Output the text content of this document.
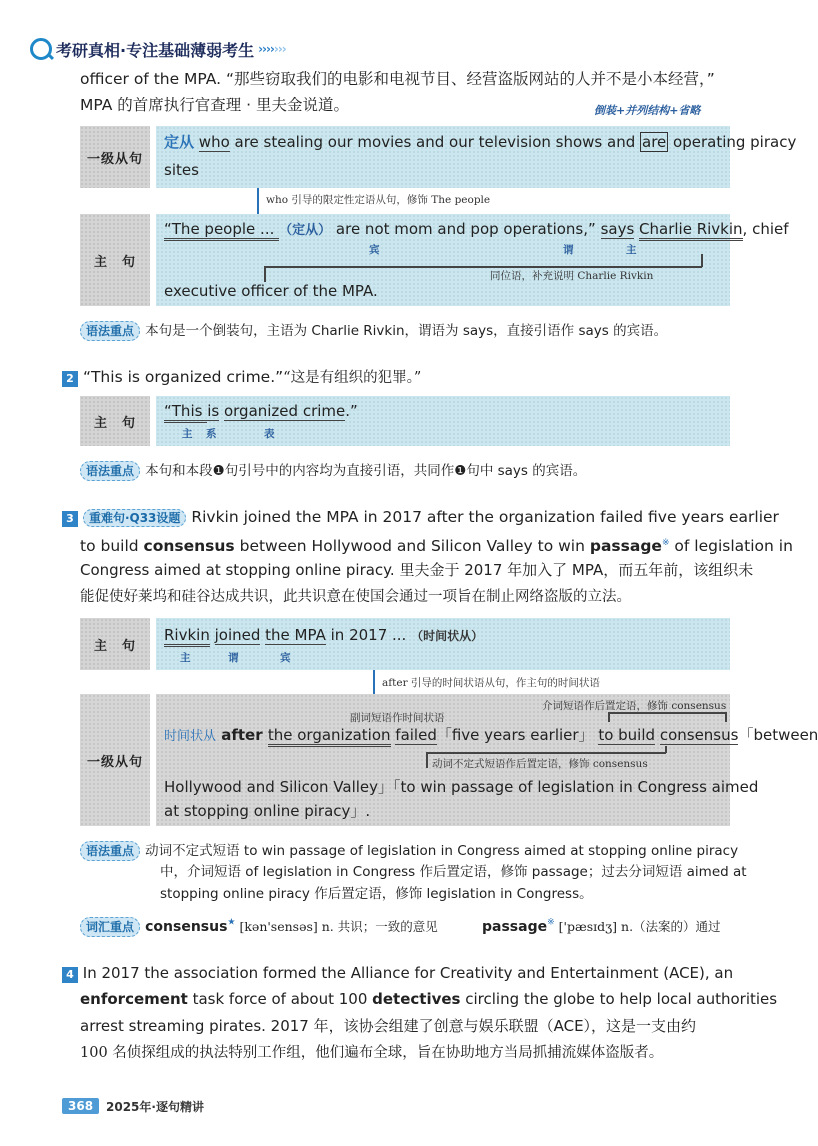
考研真相·专注基础薄弱考生 ›››››››
officer of the MPA. “那些窃取我们的电影和电视节目、经营盗版网站的人并不是小本经营，”
MPA 的首席执行官查理 · 里夫金说道。	倒装+并列结构+省略
一级从句
定从 who are stealing our movies and our television shows and are operating piracy
sites
who 引导的限定性定语从句，修饰 The people
主　句
“The people ... （定从） are not mom and pop operations,” says Charlie Rivkin, chief
宾	谓	主
同位语，补充说明 Charlie Rivkin
executive officer of the MPA.
语法重点 本句是一个倒装句，主语为 Charlie Rivkin，谓语为 says，直接引语作 says 的宾语。
2 “This is organized crime.”“这是有组织的犯罪。”
主　句
“This is organized crime.”
主 系	表
语法重点 本句和本段❶句引号中的内容均为直接引语，共同作❶句中 says 的宾语。
3 重难句·Q33设题 Rivkin joined the MPA in 2017 after the organization failed five years earlier
to build consensus between Hollywood and Silicon Valley to win passage※ of legislation in
Congress aimed at stopping online piracy. 里夫金于 2017 年加入了 MPA，而五年前，该组织未
能促使好莱坞和硅谷达成共识，此共识意在使国会通过一项旨在制止网络盗版的立法。
主　句
Rivkin joined the MPA in 2017 ... （时间状从）
主	谓	宾
after 引导的时间状语从句，作主句的时间状语
一级从句
副词短语作时间状语
介词短语作后置定语，修饰 consensus
时间状从 after the organization failed「five years earlier」 to build consensus「between
动词不定式短语作后置定语，修饰 consensus
Hollywood and Silicon Valley」「to win passage of legislation in Congress aimed
at stopping online piracy」.
语法重点 动词不定式短语 to win passage of legislation in Congress aimed at stopping online piracy
中，介词短语 of legislation in Congress 作后置定语，修饰 passage；过去分词短语 aimed at
stopping online piracy 作后置定语，修饰 legislation in Congress。
词汇重点 consensus★ [kən'sensəs] n. 共识；一致的意见	passage※ ['pæsɪdʒ] n.（法案的）通过
4 In 2017 the association formed the Alliance for Creativity and Entertainment (ACE), an
enforcement task force of about 100 detectives circling the globe to help local authorities
arrest streaming pirates. 2017 年，该协会组建了创意与娱乐联盟（ACE），这是一支由约
100 名侦探组成的执法特别工作组，他们遍布全球，旨在协助地方当局抓捕流媒体盗版者。
368	2025年·逐句精讲
